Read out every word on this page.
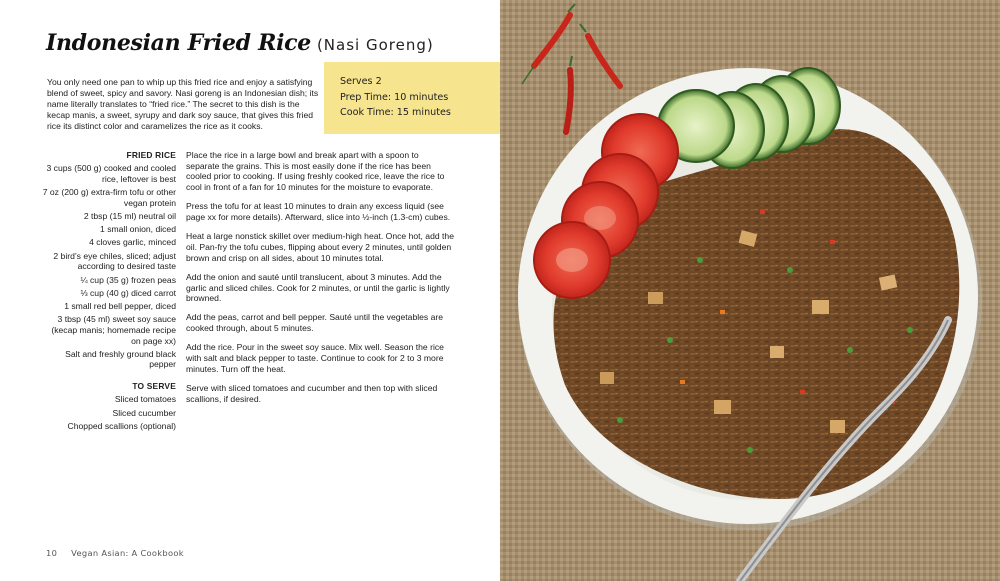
Indonesian Fried Rice (Nasi Goreng)
You only need one pan to whip up this fried rice and enjoy a satisfying blend of sweet, spicy and savory. Nasi goreng is an Indonesian dish; its name literally translates to “fried rice.” The secret to this dish is the kecap manis, a sweet, syrupy and dark soy sauce, that gives this fried rice its distinct color and caramelizes the rice as it cooks.
Serves 2
Prep Time: 10 minutes
Cook Time: 15 minutes
FRIED RICE
3 cups (500 g) cooked and cooled rice, leftover is best
7 oz (200 g) extra-firm tofu or other vegan protein
2 tbsp (15 ml) neutral oil
1 small onion, diced
4 cloves garlic, minced
2 bird’s eye chiles, sliced; adjust according to desired taste
¼ cup (35 g) frozen peas
⅓ cup (40 g) diced carrot
1 small red bell pepper, diced
3 tbsp (45 ml) sweet soy sauce (kecap manis; homemade recipe on page xx)
Salt and freshly ground black pepper
TO SERVE
Sliced tomatoes
Sliced cucumber
Chopped scallions (optional)

Place the rice in a large bowl and break apart with a spoon to separate the grains. This is most easily done if the rice has been cooled prior to cooking. If using freshly cooked rice, leave the rice to cool in front of a fan for 10 minutes for the moisture to evaporate.

Press the tofu for at least 10 minutes to drain any excess liquid (see page xx for more details). Afterward, slice into ½-inch (1.3-cm) cubes.

Heat a large nonstick skillet over medium-high heat. Once hot, add the oil. Pan-fry the tofu cubes, flipping about every 2 minutes, until golden brown and crisp on all sides, about 10 minutes total.

Add the onion and sauté until translucent, about 3 minutes. Add the garlic and sliced chiles. Cook for 2 minutes, or until the garlic is lightly browned.

Add the peas, carrot and bell pepper. Sauté until the vegetables are cooked through, about 5 minutes.

Add the rice. Pour in the sweet soy sauce. Mix well. Season the rice with salt and black pepper to taste. Continue to cook for 2 to 3 more minutes. Turn off the heat.

Serve with sliced tomatoes and cucumber and then top with sliced scallions, if desired.

10 Vegan Asian: A Cookbook
